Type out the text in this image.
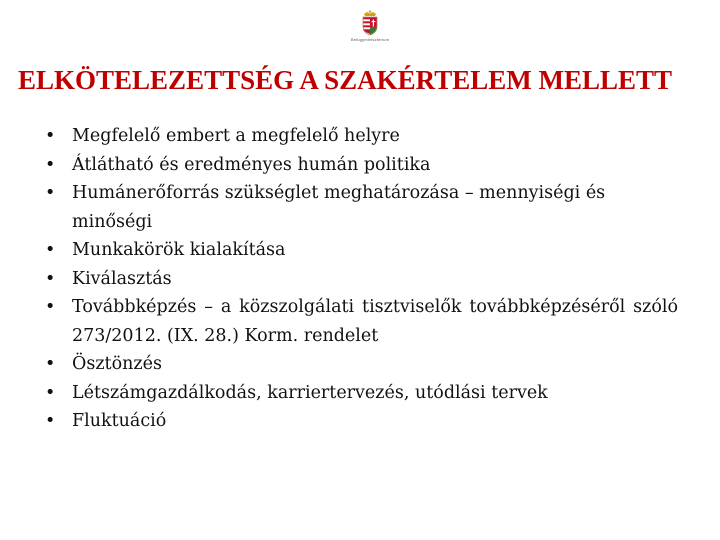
Belügyminisztérium
ELKÖTELEZETTSÉG A SZAKÉRTELEM MELLETT
• Megfelelő embert a megfelelő helyre
• Átlátható és eredményes humán politika
• Humánerőforrás szükséglet meghatározása – mennyiségi és minőségi
• Munkakörök kialakítása
• Kiválasztás
• Továbbképzés – a közszolgálati tisztviselők továbbképzéséről szóló 273/2012. (IX. 28.) Korm. rendelet
• Ösztönzés
• Létszámgazdálkodás, karriertervezés, utódlási tervek
• Fluktuáció
